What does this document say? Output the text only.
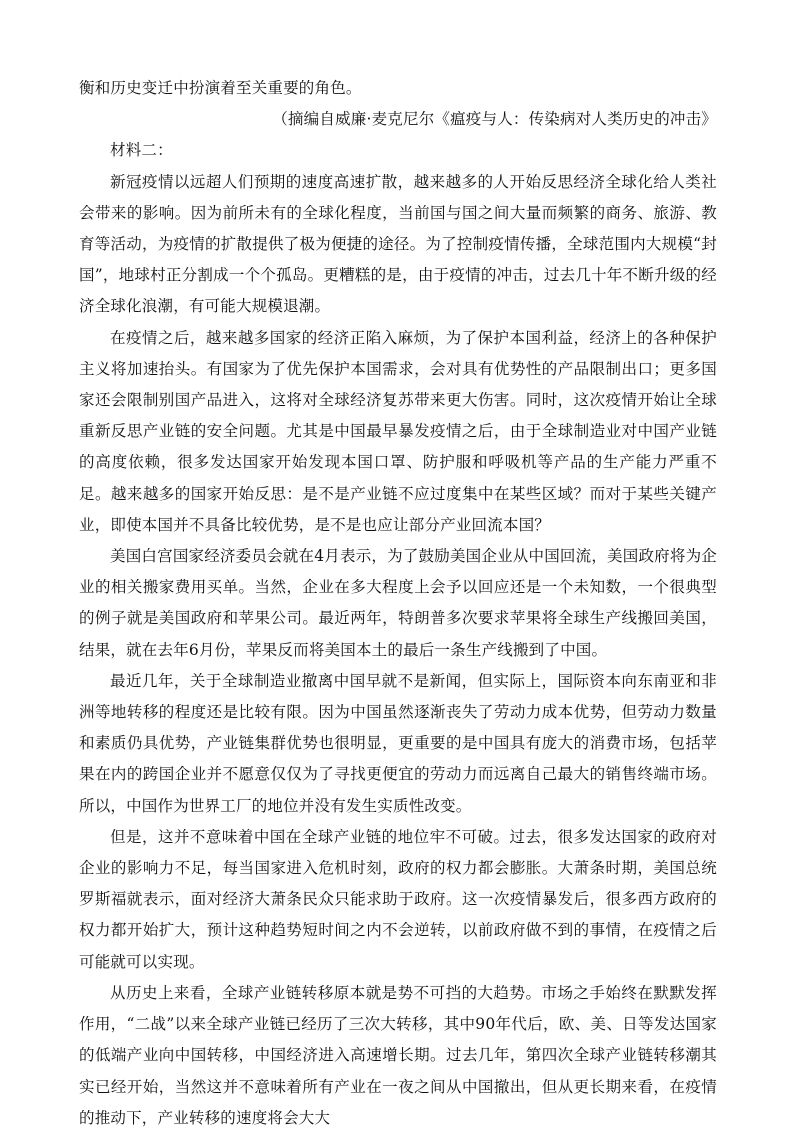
衡和历史变迁中扮演着至关重要的角色。

（摘编自威廉·麦克尼尔《瘟疫与人：传染病对人类历史的冲击》

材料二：

新冠疫情以远超人们预期的速度高速扩散，越来越多的人开始反思经济全球化给人类社会带来的影响。因为前所未有的全球化程度，当前国与国之间大量而频繁的商务、旅游、教育等活动，为疫情的扩散提供了极为便捷的途径。为了控制疫情传播，全球范围内大规模“封国”，地球村正分割成一个个孤岛。更糟糕的是，由于疫情的冲击，过去几十年不断升级的经济全球化浪潮，有可能大规模退潮。

在疫情之后，越来越多国家的经济正陷入麻烦，为了保护本国利益，经济上的各种保护主义将加速抬头。有国家为了优先保护本国需求，会对具有优势性的产品限制出口；更多国家还会限制别国产品进入，这将对全球经济复苏带来更大伤害。同时，这次疫情开始让全球重新反思产业链的安全问题。尤其是中国最早暴发疫情之后，由于全球制造业对中国产业链的高度依赖，很多发达国家开始发现本国口罩、防护服和呼吸机等产品的生产能力严重不足。越来越多的国家开始反思：是不是产业链不应过度集中在某些区域？而对于某些关键产业，即使本国并不具备比较优势，是不是也应让部分产业回流本国？

美国白宫国家经济委员会就在4月表示，为了鼓励美国企业从中国回流，美国政府将为企业的相关搬家费用买单。当然，企业在多大程度上会予以回应还是一个未知数，一个很典型的例子就是美国政府和苹果公司。最近两年，特朗普多次要求苹果将全球生产线搬回美国，结果，就在去年6月份，苹果反而将美国本土的最后一条生产线搬到了中国。

最近几年，关于全球制造业撤离中国早就不是新闻，但实际上，国际资本向东南亚和非洲等地转移的程度还是比较有限。因为中国虽然逐渐丧失了劳动力成本优势，但劳动力数量和素质仍具优势，产业链集群优势也很明显，更重要的是中国具有庞大的消费市场，包括苹果在内的跨国企业并不愿意仅仅为了寻找更便宜的劳动力而远离自己最大的销售终端市场。所以，中国作为世界工厂的地位并没有发生实质性改变。

但是，这并不意味着中国在全球产业链的地位牢不可破。过去，很多发达国家的政府对企业的影响力不足，每当国家进入危机时刻，政府的权力都会膨胀。大萧条时期，美国总统罗斯福就表示，面对经济大萧条民众只能求助于政府。这一次疫情暴发后，很多西方政府的权力都开始扩大，预计这种趋势短时间之内不会逆转，以前政府做不到的事情，在疫情之后可能就可以实现。

从历史上来看，全球产业链转移原本就是势不可挡的大趋势。市场之手始终在默默发挥作用，“二战”以来全球产业链已经历了三次大转移，其中90年代后，欧、美、日等发达国家的低端产业向中国转移，中国经济进入高速增长期。过去几年，第四次全球产业链转移潮其实已经开始，当然这并不意味着所有产业在一夜之间从中国撤出，但从更长期来看，在疫情的推动下，产业转移的速度将会大大
